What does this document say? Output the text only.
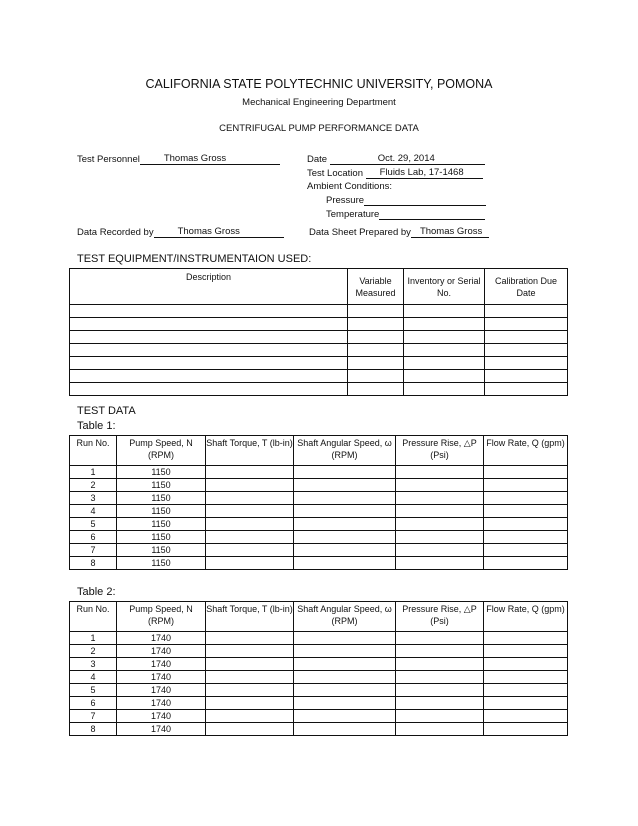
CALIFORNIA STATE POLYTECHNIC UNIVERSITY, POMONA
Mechanical Engineering Department
CENTRIFUGAL PUMP PERFORMANCE DATA
Test Personnel	Thomas Gross	Date	Oct. 29, 2014
Test Location Fluids Lab, 17-1468
Ambient Conditions:
Pressure
Temperature
Data Recorded by	Thomas Gross	Data Sheet Prepared by Thomas Gross
TEST EQUIPMENT/INSTRUMENTAION USED:
Description	Variable Measured	Inventory or Serial No.	Calibration Due Date

TEST DATA
Table 1:
Run No.	Pump Speed, N (RPM)	Shaft Torque, T (lb-in)	Shaft Angular Speed, ω (RPM)	Pressure Rise, △P (Psi)	Flow Rate, Q (gpm)
1	1150				
2	1150				
3	1150				
4	1150				
5	1150				
6	1150				
7	1150				
8	1150				
Table 2:
Run No.	Pump Speed, N (RPM)	Shaft Torque, T (lb-in)	Shaft Angular Speed, ω (RPM)	Pressure Rise, △P (Psi)	Flow Rate, Q (gpm)
1	1740				
2	1740				
3	1740				
4	1740				
5	1740				
6	1740				
7	1740				
8	1740				
